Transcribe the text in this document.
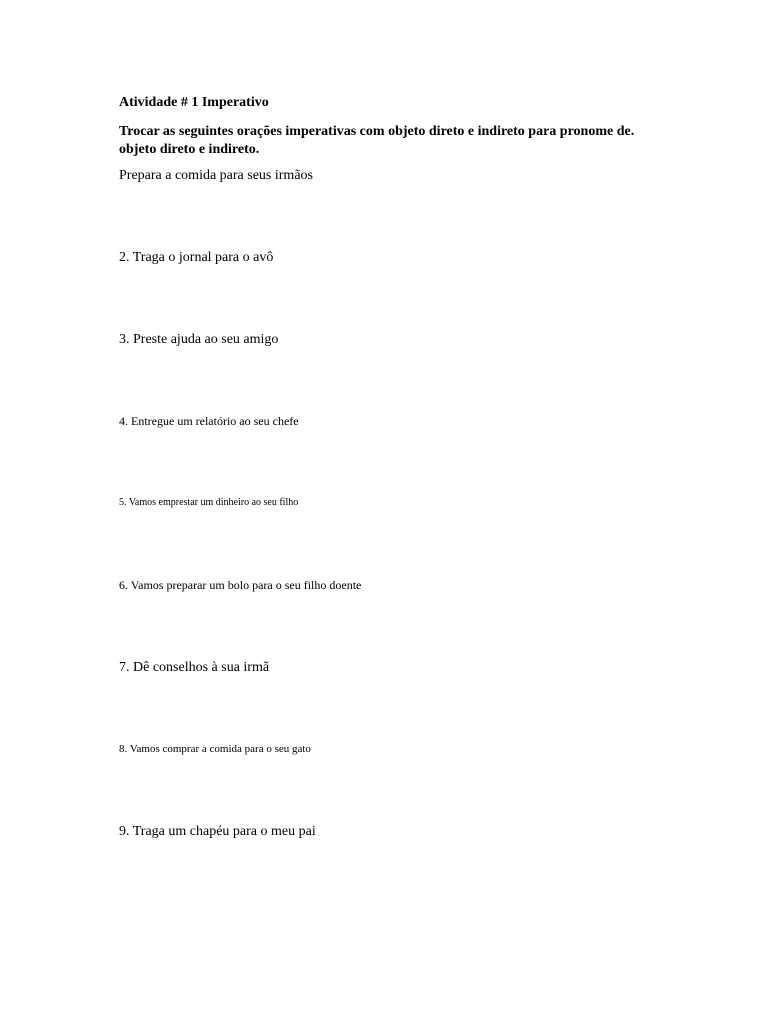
Atividade # 1 Imperativo
Trocar as seguintes orações imperativas com objeto direto e indireto para pronome de. objeto direto e indireto.
Prepara a comida para seus irmãos
2. Traga o jornal para o avô
3. Preste ajuda ao seu amigo
4. Entregue um relatório ao seu chefe
5. Vamos emprestar um dinheiro ao seu filho
6. Vamos preparar um bolo para o seu filho doente
7. Dê conselhos à sua irmã
8. Vamos comprar a comida para o seu gato
9. Traga um chapéu para o meu pai
